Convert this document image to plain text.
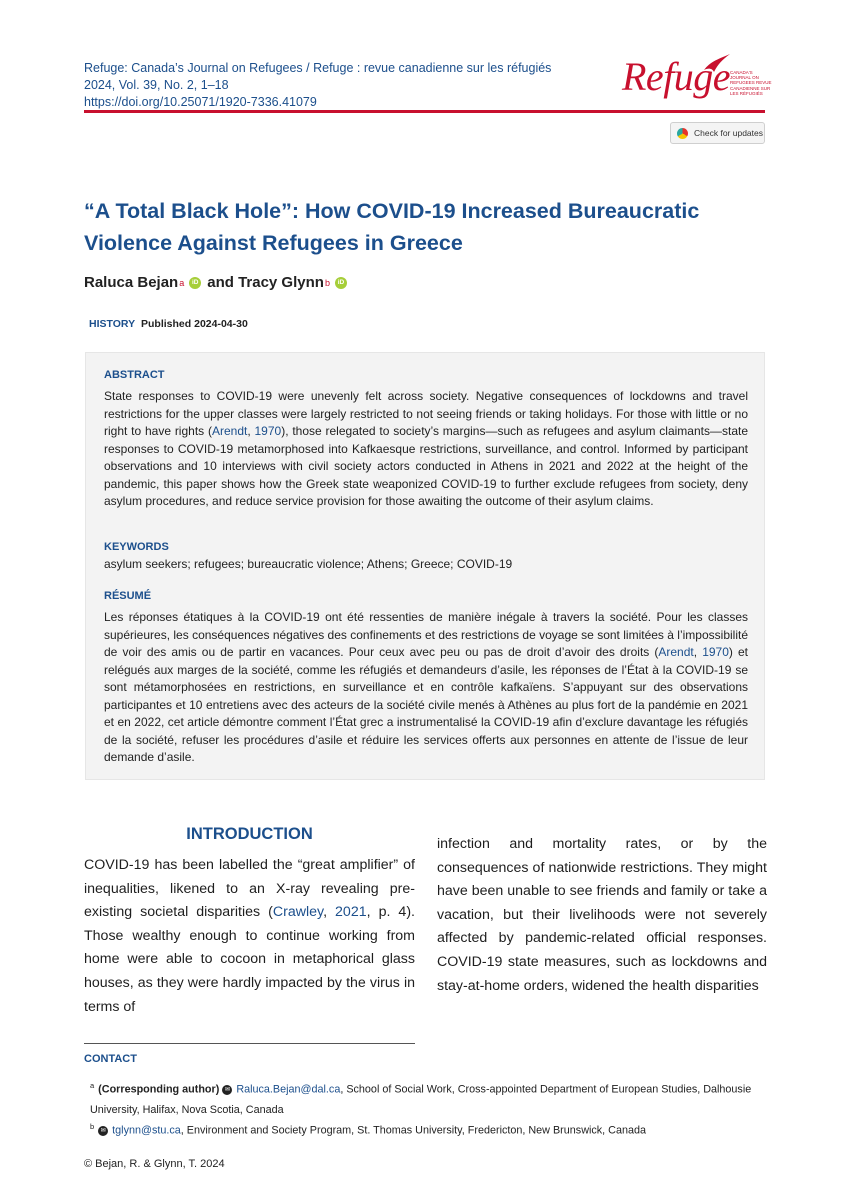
Refuge: Canada’s Journal on Refugees / Refuge : revue canadienne sur les réfugiés
2024, Vol. 39, No. 2, 1–18
https://doi.org/10.25071/1920-7336.41079
Refuge CANADA'S JOURNAL ON REFUGEES REVUE CANADIENNE SUR LES RÉFUGIÉS
Check for updates
“A Total Black Hole”: How COVID-19 Increased Bureaucratic Violence Against Refugees in Greece
Raluca Bejan a	iD and Tracy Glynn b	iD
HISTORY Published 2024-04-30
ABSTRACT
State responses to COVID-19 were unevenly felt across society. Negative consequences of lockdowns and travel restrictions for the upper classes were largely restricted to not seeing friends or taking holidays. For those with little or no right to have rights (Arendt, 1970), those relegated to society’s margins—such as refugees and asylum claimants—state responses to COVID-19 metamorphosed into Kafkaesque restrictions, surveillance, and control. Informed by participant observations and 10 interviews with civil society actors conducted in Athens in 2021 and 2022 at the height of the pandemic, this paper shows how the Greek state weaponized COVID-19 to further exclude refugees from society, deny asylum procedures, and reduce service provision for those awaiting the outcome of their asylum claims.
KEYWORDS
asylum seekers; refugees; bureaucratic violence; Athens; Greece; COVID-19
RÉSUMÉ
Les réponses étatiques à la COVID-19 ont été ressenties de manière inégale à travers la société. Pour les classes supérieures, les conséquences négatives des confinements et des restrictions de voyage se sont limitées à l’impossibilité de voir des amis ou de partir en vacances. Pour ceux avec peu ou pas de droit d’avoir des droits (Arendt, 1970) et relégués aux marges de la société, comme les réfugiés et demandeurs d’asile, les réponses de l’État à la COVID-19 se sont métamorphosées en restrictions, en surveillance et en contrôle kafkaïens. S’appuyant sur des observations participantes et 10 entretiens avec des acteurs de la société civile menés à Athènes au plus fort de la pandémie en 2021 et en 2022, cet article démontre comment l’État grec a instrumentalisé la COVID-19 afin d’exclure davantage les réfugiés de la société, refuser les procédures d’asile et réduire les services offerts aux personnes en attente de l’issue de leur demande d’asile.
INTRODUCTION
COVID-19 has been labelled the “great amplifier” of inequalities, likened to an X-ray revealing pre-existing societal disparities (Crawley, 2021, p. 4). Those wealthy enough to continue working from home were able to cocoon in metaphorical glass houses, as they were hardly impacted by the virus in terms of
infection and mortality rates, or by the consequences of nationwide restrictions. They might have been unable to see friends and family or take a vacation, but their livelihoods were not severely affected by pandemic-related official responses. COVID-19 state measures, such as lockdowns and stay-at-home orders, widened the health disparities
CONTACT
$^a$ (Corresponding author) ✉ Raluca.Bejan@dal.ca, School of Social Work, Cross-appointed Department of European Studies, Dalhousie University, Halifax, Nova Scotia, Canada
$^b$ ✉ tglynn@stu.ca, Environment and Society Program, St. Thomas University, Fredericton, New Brunswick, Canada
© Bejan, R. & Glynn, T. 2024
